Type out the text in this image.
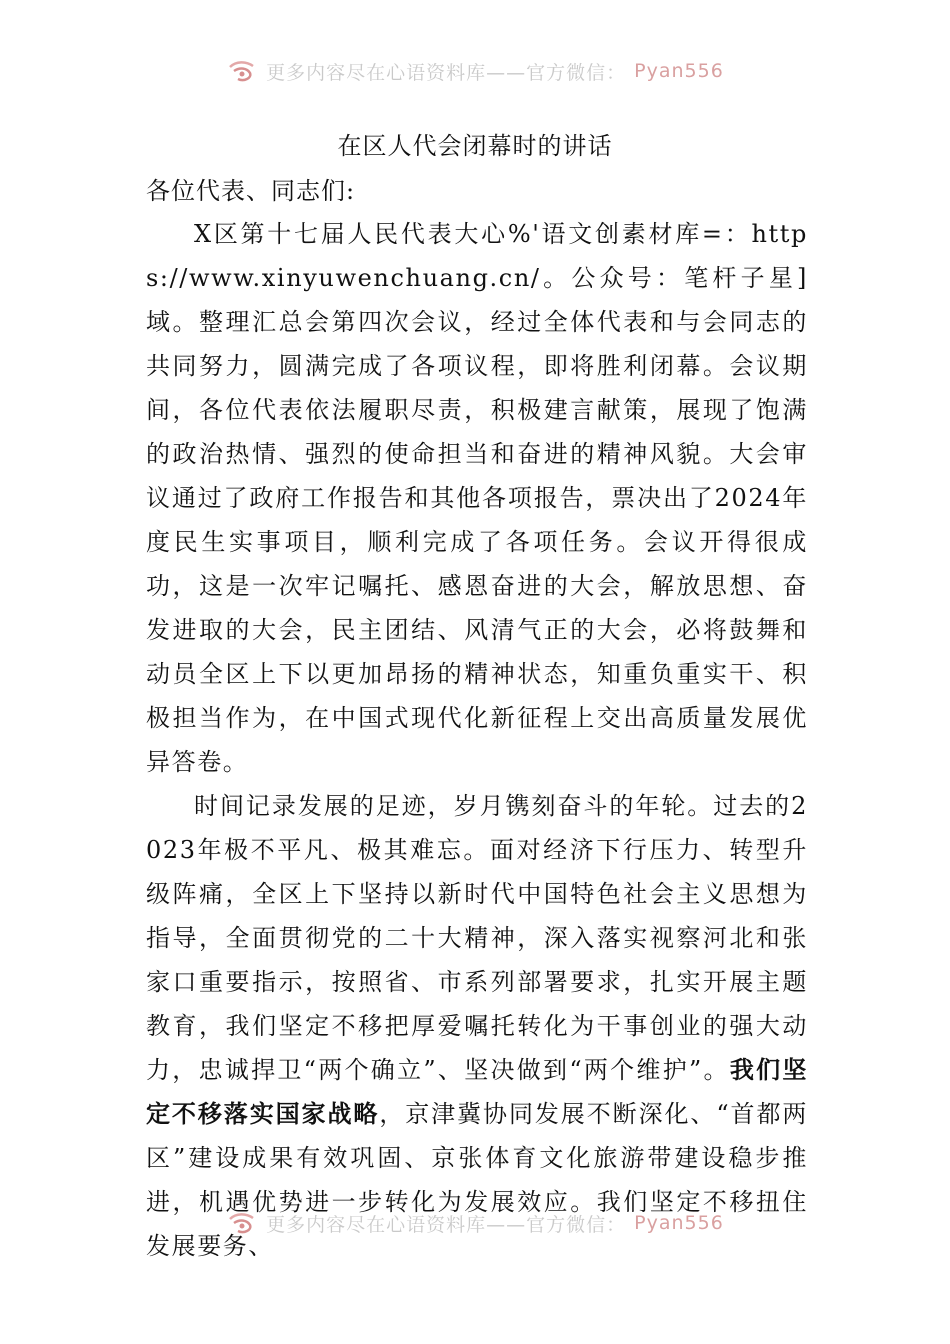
更多内容尽在心语资料库——官方微信： Pyan556
在区人代会闭幕时的讲话
各位代表、同志们:

X区第十七届人民代表大心%'语文创素材库=：https://www.xinyuwenchuang.cn/。公众号：笔杆子星]域。整理汇总会第四次会议，经过全体代表和与会同志的共同努力，圆满完成了各项议程，即将胜利闭幕。会议期间，各位代表依法履职尽责，积极建言献策，展现了饱满的政治热情、强烈的使命担当和奋进的精神风貌。大会审议通过了政府工作报告和其他各项报告，票决出了2024年度民生实事项目，顺利完成了各项任务。会议开得很成功，这是一次牢记嘱托、感恩奋进的大会，解放思想、奋发进取的大会，民主团结、风清气正的大会，必将鼓舞和动员全区上下以更加昂扬的精神状态，知重负重实干、积极担当作为，在中国式现代化新征程上交出高质量发展优异答卷。

时间记录发展的足迹，岁月镌刻奋斗的年轮。过去的2023年极不平凡、极其难忘。面对经济下行压力、转型升级阵痛，全区上下坚持以新时代中国特色社会主义思想为指导，全面贯彻党的二十大精神，深入落实视察河北和张家口重要指示，按照省、市系列部署要求，扎实开展主题教育，我们坚定不移把厚爱嘱托转化为干事创业的强大动力，忠诚捍卫“两个确立”、坚决做到“两个维护”。我们坚定不移落实国家战略，京津冀协同发展不断深化、“首都两区”建设成果有效巩固、京张体育文化旅游带建设稳步推进，机遇优势进一步转化为发展效应。我们坚定不移扭住发展要务、

更多内容尽在心语资料库——官方微信： Pyan556
